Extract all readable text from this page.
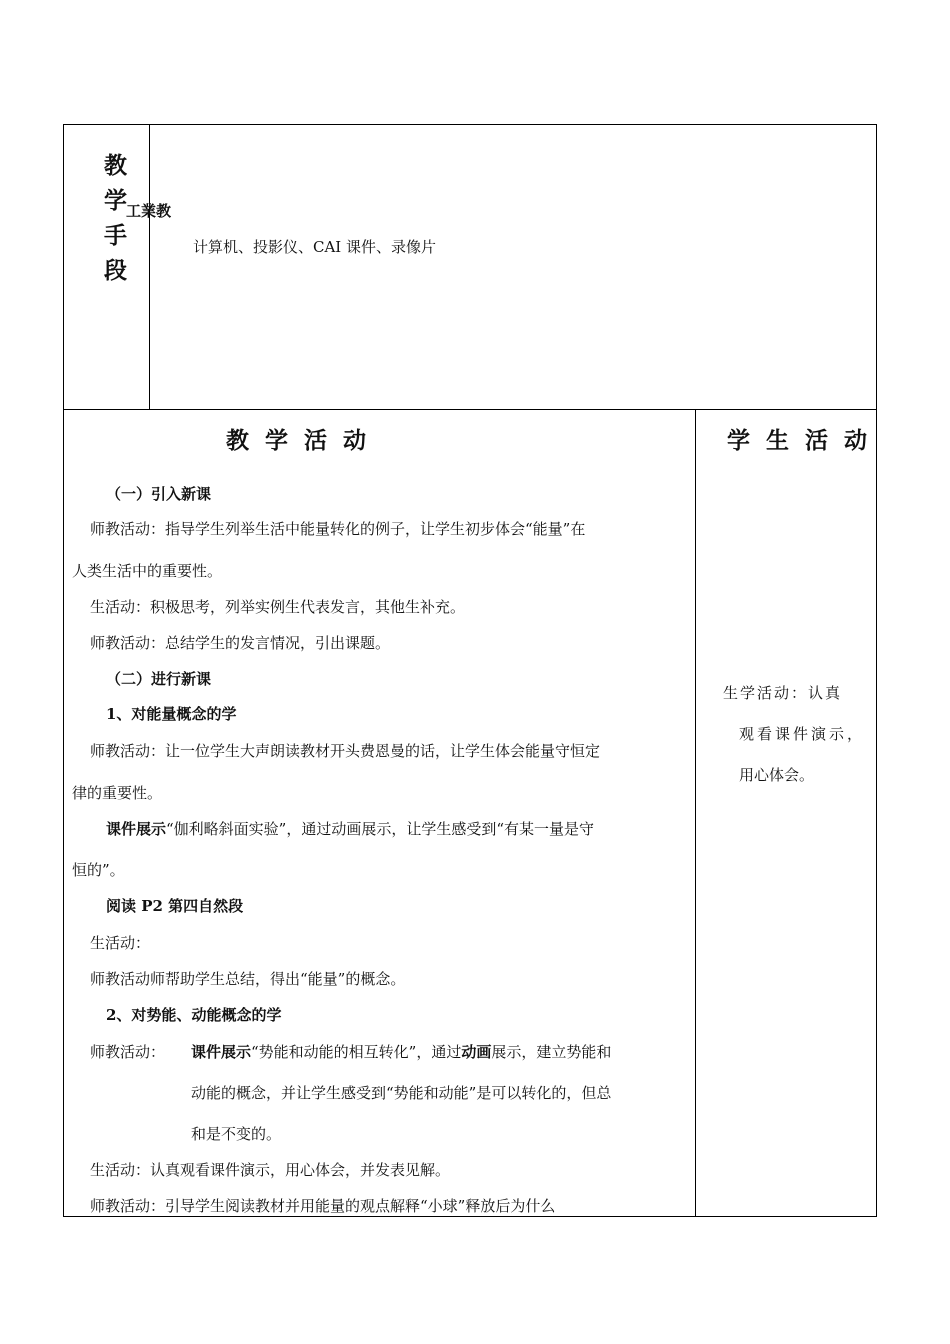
教
学
手
段
工業教
计算机、投影仪、CAI 课件、录像片
教 学 活 动	学 生 活 动
（一）引入新课
师教活动：指导学生列举生活中能量转化的例子，让学生初步体会“能量”在
人类生活中的重要性。
生活动：积极思考，列举实例生代表发言，其他生补充。
师教活动：总结学生的发言情况，引出课题。
（二）进行新课
1、对能量概念的学
师教活动：让一位学生大声朗读教材开头费恩曼的话，让学生体会能量守恒定
律的重要性。
课件展示“伽利略斜面实验”，通过动画展示，让学生感受到“有某一量是守
恒的”。
阅读 P2 第四自然段
生活动：
师教活动师帮助学生总结，得出“能量”的概念。
2、对势能、动能概念的学
师教活动： 课件展示“势能和动能的相互转化”，通过动画展示，建立势能和
动能的概念，并让学生感受到“势能和动能”是可以转化的，但总
和是不变的。
生活动：认真观看课件演示，用心体会，并发表见解。
师教活动：引导学生阅读教材并用能量的观点解释“小球”释放后为什么
生学活动：认真
观看课件演示，
用心体会。
